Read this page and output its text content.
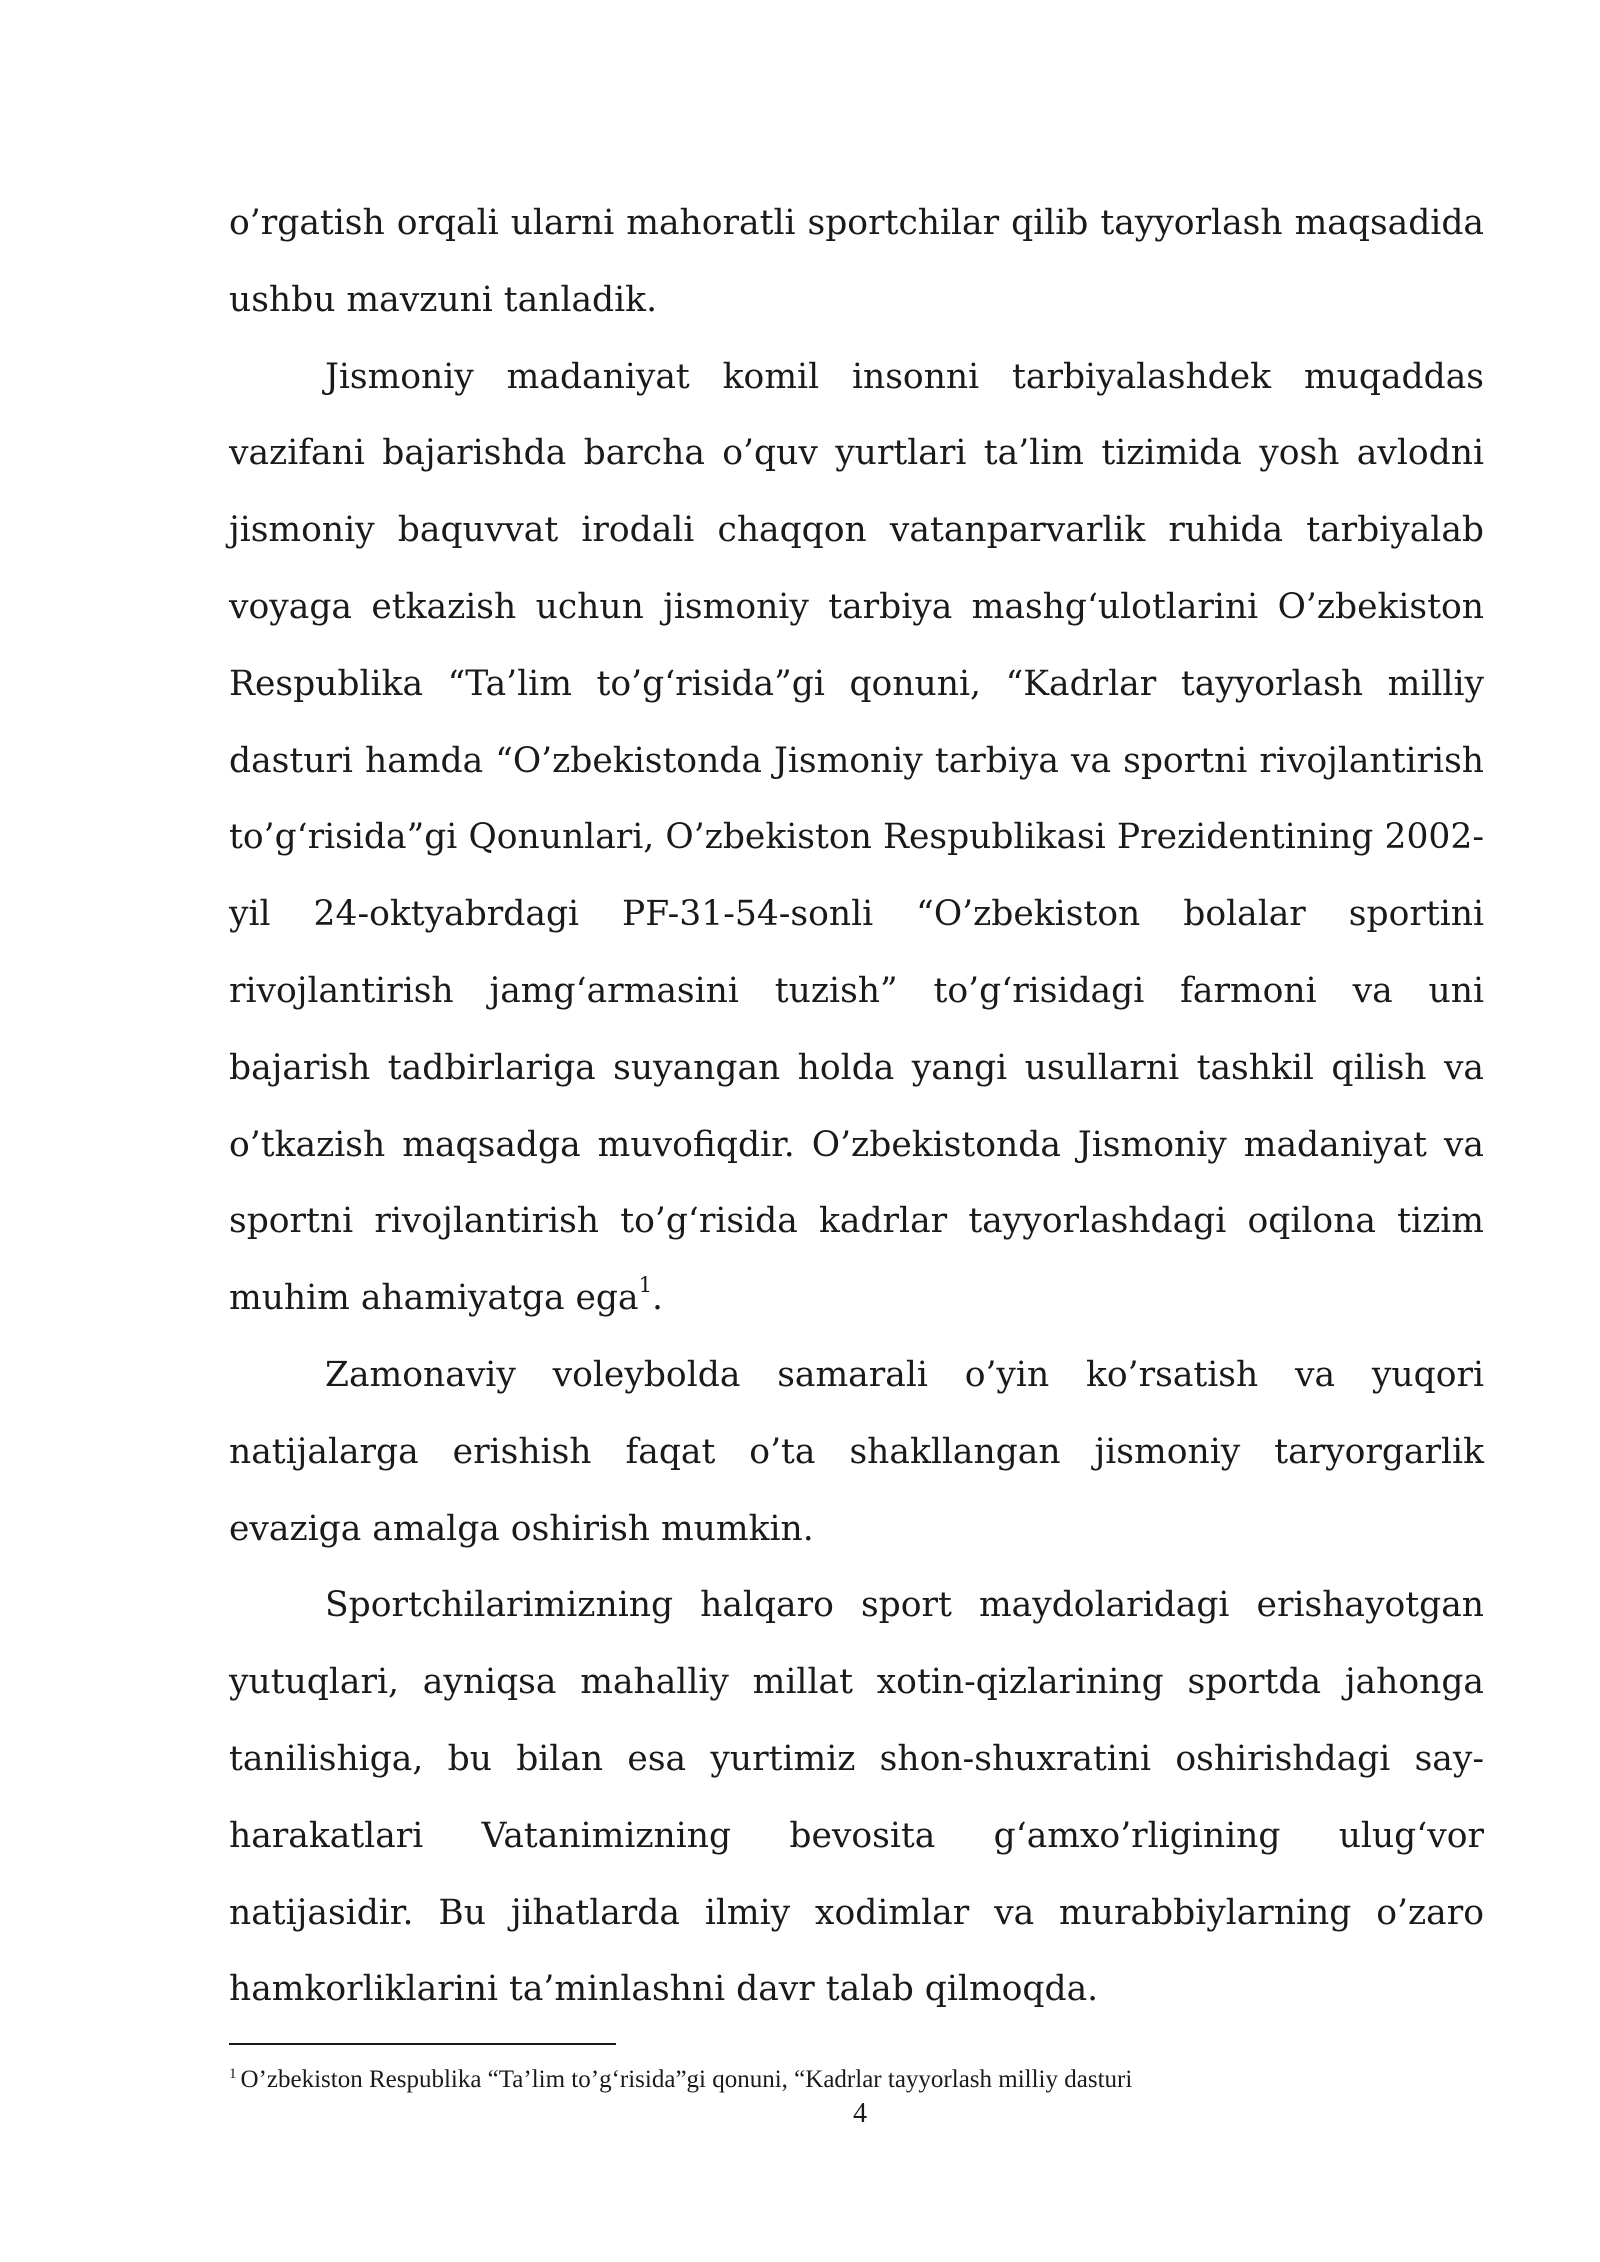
o’rgatish orqali ularni mahoratli sportchilar qilib tayyorlash maqsadida ushbu mavzuni tanladik.

Jismoniy madaniyat komil insonni tarbiyalashdek muqaddas vazifani bajarishda barcha o’quv yurtlari ta’lim tizimida yosh avlodni jismoniy baquvvat irodali chaqqon vatanparvarlik ruhida tarbiyalab voyaga etkazish uchun jismoniy tarbiya mashg‘ulotlarini O’zbekiston Respublika “Ta’lim to’g‘risida”gi qonuni, “Kadrlar tayyorlash milliy dasturi hamda “O’zbekistonda Jismoniy tarbiya va sportni rivojlantirish to’g‘risida”gi Qonunlari, O’zbekiston Respublikasi Prezidentining 2002- yil 24-oktyabrdagi PF-31-54-sonli “O’zbekiston bolalar sportini rivojlantirish jamg‘armasini tuzish” to’g‘risidagi farmoni va uni bajarish tadbirlariga suyangan holda yangi usullarni tashkil qilish va o’tkazish maqsadga muvofiqdir. O’zbekistonda Jismoniy madaniyat va sportni rivojlantirish to’g‘risida kadrlar tayyorlashdagi oqilona tizim muhim ahamiyatga ega$^1$.

Zamonaviy voleybolda samarali o’yin ko’rsatish va yuqori natijalarga erishish faqat o’ta shakllangan jismoniy taryorgarlik evaziga amalga oshirish mumkin.

Sportchilarimizning halqaro sport maydolaridagi erishayotgan yutuqlari, ayniqsa mahalliy millat xotin-qizlarining sportda jahonga tanilishiga, bu bilan esa yurtimiz shon-shuxratini oshirishdagi say-harakatlari Vatanimizning bevosita g‘amxo’rligining ulug‘vor natijasidir. Bu jihatlarda ilmiy xodimlar va murabbiylarning o’zaro hamkorliklarini ta’minlashni davr talab qilmoqda.

$^1$ O’zbekiston Respublika “Ta’lim to’g‘risida”gi qonuni, “Kadrlar tayyorlash milliy dasturi
4
